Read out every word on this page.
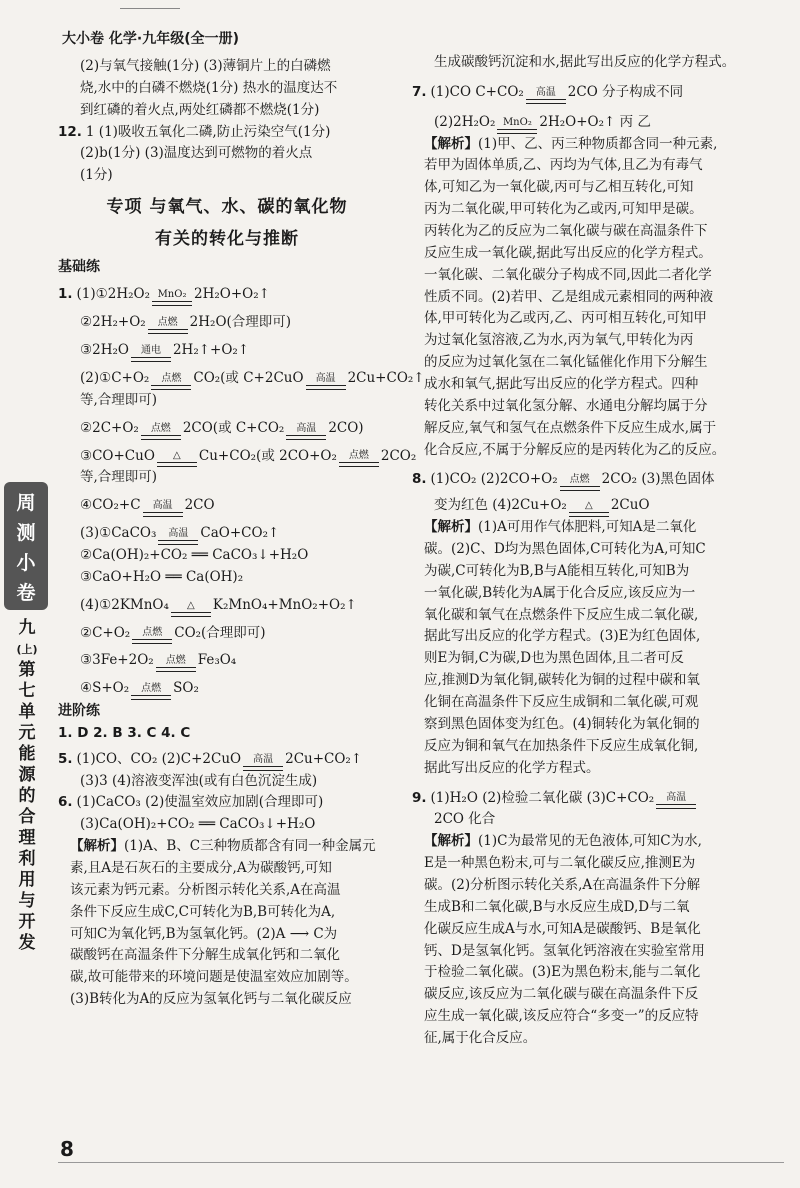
大小卷 化学·九年级(全一册)
周
测
小
卷
九
(上)
第
七
单
元
能
源
的
合
理
利
用
与
开
发
(2)与氧气接触(1分) (3)薄铜片上的白磷燃
烧,水中的白磷不燃烧(1分) 热水的温度达不
到红磷的着火点,两处红磷都不燃烧(1分)
12. 1 (1)吸收五氧化二磷,防止污染空气(1分)
(2)b(1分) (3)温度达到可燃物的着火点
(1分)
专项 与氧气、水、碳的氧化物
有关的转化与推断
基础练
1. (1)①2H₂O₂ MnO₂ 2H₂O+O₂↑
②2H₂+O₂	点燃 2H₂O(合理即可)
③2H₂O	通电 2H₂↑+O₂↑
(2)①C+O₂	点燃 CO₂(或 C+2CuO	高温 2Cu+CO₂↑
等,合理即可)
②2C+O₂	点燃 2CO(或 C+CO₂	高温 2CO)
③CO+CuO	△	Cu+CO₂(或 2CO+O₂	点燃 2CO₂
等,合理即可)
④CO₂+C	高温 2CO
(3)①CaCO₃	高温 CaO+CO₂↑
②Ca(OH)₂+CO₂ ══ CaCO₃↓+H₂O
③CaO+H₂O ══ Ca(OH)₂
(4)①2KMnO₄	△	K₂MnO₄+MnO₂+O₂↑
②C+O₂	点燃 CO₂(合理即可)
③3Fe+2O₂	点燃 Fe₃O₄
④S+O₂	点燃 SO₂
进阶练
1. D 2. B 3. C 4. C
5. (1)CO、CO₂ (2)C+2CuO	高温 2Cu+CO₂↑
(3)3 (4)溶液变浑浊(或有白色沉淀生成)
6. (1)CaCO₃ (2)使温室效应加剧(合理即可)
(3)Ca(OH)₂+CO₂ ══ CaCO₃↓+H₂O
【解析】(1)A、B、C三种物质都含有同一种金属元
素,且A是石灰石的主要成分,A为碳酸钙,可知
该元素为钙元素。分析图示转化关系,A在高温
条件下反应生成C,C可转化为B,B可转化为A,
可知C为氧化钙,B为氢氧化钙。(2)A ⟶ C为
碳酸钙在高温条件下分解生成氧化钙和二氧化
碳,故可能带来的环境问题是使温室效应加剧等。
(3)B转化为A的反应为氢氧化钙与二氧化碳反应
生成碳酸钙沉淀和水,据此写出反应的化学方程式。
7. (1)CO C+CO₂	高温 2CO 分子构成不同
(2)2H₂O₂ MnO₂ 2H₂O+O₂↑ 丙 乙
【解析】(1)甲、乙、丙三种物质都含同一种元素,
若甲为固体单质,乙、丙均为气体,且乙为有毒气
体,可知乙为一氧化碳,丙可与乙相互转化,可知
丙为二氧化碳,甲可转化为乙或丙,可知甲是碳。
丙转化为乙的反应为二氧化碳与碳在高温条件下
反应生成一氧化碳,据此写出反应的化学方程式。
一氧化碳、二氧化碳分子构成不同,因此二者化学
性质不同。(2)若甲、乙是组成元素相同的两种液
体,甲可转化为乙或丙,乙、丙可相互转化,可知甲
为过氧化氢溶液,乙为水,丙为氧气,甲转化为丙
的反应为过氧化氢在二氧化锰催化作用下分解生
成水和氧气,据此写出反应的化学方程式。四种
转化关系中过氧化氢分解、水通电分解均属于分
解反应,氧气和氢气在点燃条件下反应生成水,属于
化合反应,不属于分解反应的是丙转化为乙的反应。
8. (1)CO₂ (2)2CO+O₂	点燃 2CO₂ (3)黑色固体
变为红色 (4)2Cu+O₂	△	2CuO
【解析】(1)A可用作气体肥料,可知A是二氧化
碳。(2)C、D均为黑色固体,C可转化为A,可知C
为碳,C可转化为B,B与A能相互转化,可知B为
一氧化碳,B转化为A属于化合反应,该反应为一
氧化碳和氧气在点燃条件下反应生成二氧化碳,
据此写出反应的化学方程式。(3)E为红色固体,
则E为铜,C为碳,D也为黑色固体,且二者可反
应,推测D为氧化铜,碳转化为铜的过程中碳和氧
化铜在高温条件下反应生成铜和二氧化碳,可观
察到黑色固体变为红色。(4)铜转化为氧化铜的
反应为铜和氧气在加热条件下反应生成氧化铜,
据此写出反应的化学方程式。
9. (1)H₂O (2)检验二氧化碳 (3)C+CO₂	高温
2CO 化合
【解析】(1)C为最常见的无色液体,可知C为水,
E是一种黑色粉末,可与二氧化碳反应,推测E为
碳。(2)分析图示转化关系,A在高温条件下分解
生成B和二氧化碳,B与水反应生成D,D与二氧
化碳反应生成A与水,可知A是碳酸钙、B是氧化
钙、D是氢氧化钙。氢氧化钙溶液在实验室常用
于检验二氧化碳。(3)E为黑色粉末,能与二氧化
碳反应,该反应为二氧化碳与碳在高温条件下反
应生成一氧化碳,该反应符合“多变一”的反应特
征,属于化合反应。
8
